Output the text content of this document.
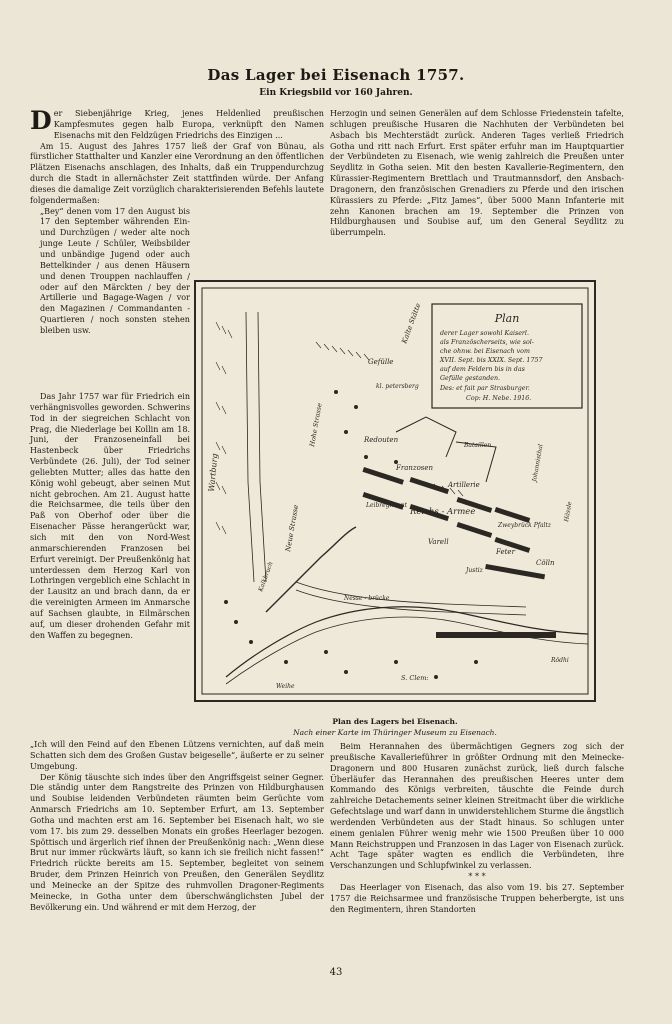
Das Lager bei Eisenach 1757.
Ein Kriegsbild vor 160 Jahren.

Der Siebenjährige Krieg, jenes Heldenlied preußischen Kampfesmutes gegen halb Europa, verknüpft den Namen Eisenachs mit den Feldzügen Friedrichs des Einzigen ...

Am 15. August des Jahres 1757 ließ der Graf von Bünau, als fürstlicher Statthalter und Kanzler eine Verordnung an den öffentlichen Plätzen Eisenachs anschlagen, des Inhalts, daß ein Truppendurchzug durch die Stadt in allernächster Zeit stattfinden würde. Der Anfang dieses die damalige Zeit vorzüglich charakterisierenden Befehls lautete folgendermaßen:

„Bey“ denen vom 17 den August bis 17 den September währenden Ein- und Durchzügen / weder alte noch junge Leute / Schüler, Weibsbilder und unbändige Jugend oder auch Bettelkinder / aus denen Häusern und denen Trouppen nachlauffen / oder auf den Märckten / bey der Artillerie und Bagage-Wagen / vor den Magazinen / Commandanten - Quartieren / noch sonsten stehen bleiben usw.

Das Jahr 1757 war für Friedrich ein verhängnisvolles geworden. Schwerins Tod in der siegreichen Schlacht von Prag, die Niederlage bei Kollin am 18. Juni, der Franzoseneinfall bei Hastenbeck über Friedrichs Verbündete (26. Juli), der Tod seiner geliebten Mutter; alles das hatte den König wohl gebeugt, aber seinen Mut nicht gebrochen. Am 21. August hatte die Reichsarmee, die teils über den Paß von Oberhof oder über die Eisenacher Pässe herangerückt war, sich mit den von Nord-West anmarschierenden Franzosen bei Erfurt vereinigt. Der Preußenkönig hat unterdessen dem Herzog Karl von Lothringen vergeblich eine Schlacht in der Lausitz an und brach dann, da er die vereinigten Armeen im Anmarsche auf Sachsen glaubte, in Eilmärschen auf, um dieser drohenden Gefahr mit den Waffen zu begegnen.

Herzogin und seinen Generälen auf dem Schlosse Friedenstein tafelte, schlugen preußische Husaren die Nachhuten der Verbündeten bei Asbach bis Mechterstädt zurück. Anderen Tages verließ Friedrich Gotha und ritt nach Erfurt. Erst später erfuhr man im Hauptquartier der Verbündeten zu Eisenach, wie wenig zahlreich die Preußen unter Seydlitz in Gotha seien. Mit den besten Kavallerie-Regimentern, den Kürassier-Regimentern Brettlach und Trautmannsdorf, den Ansbach-Dragonern, den französischen Grenadiers zu Pferde und den irischen Kürassiers zu Pferde: „Fitz James“, über 5000 Mann Infanterie mit zehn Kanonen brachen am 19. September die Prinzen von Hildburghausen und Soubise auf, um den General Seydlitz zu überrumpeln.

Plan
derer Lager sowohl Kaiserl.
als Französcherseits, wie sol-
che ohnw. bei Eisenach vom
XVII. Sept. bis XXIX. Sept. 1757
auf dem Feldern bis in das
Gefülle gestanden.
Des: et fait par Strasburger.
Cop: H. Nebe. 1916.
Wartburg
Hohe Strasse
Neue Strasse
Gefülle
Kalte Stätte
kl. petersberg
Redouten
Bataillon
Franzosen
Artillerie
Reichs - Armee
Johannisthal
Hässle
Zweybrück Pfaltz
Varell
Leibregiment
Feter
Cölln
Justiz
Nesse - brücke
Kalkbruch
S. Clem:
Weihe
Rödhi
Plan des Lagers bei Eisenach.
Nach einer Karte im Thüringer Museum zu Eisenach.

„Ich will den Feind auf den Ebenen Lützens vernichten, auf daß mein Schatten sich dem des Großen Gustav beigeselle“, äußerte er zu seiner Umgebung.

Der König täuschte sich indes über den Angriffsgeist seiner Gegner. Die ständig unter dem Rangstreite des Prinzen von Hildburghausen und Soubise leidenden Verbündeten räumten beim Gerüchte vom Anmarsch Friedrichs am 10. September Erfurt, am 13. September Gotha und machten erst am 16. September bei Eisenach halt, wo sie vom 17. bis zum 29. desselben Monats ein großes Heerlager bezogen. Spöttisch und ärgerlich rief ihnen der Preußenkönig nach: „Wenn diese Brut nur immer rückwärts läuft, so kann ich sie freilich nicht fassen!“ Friedrich rückte bereits am 15. September, begleitet von seinem Bruder, dem Prinzen Heinrich von Preußen, den Generälen Seydlitz und Meinecke an der Spitze des ruhmvollen Dragoner-Regiments Meinecke, in Gotha unter dem überschwänglichsten Jubel der Bevölkerung ein. Und während er mit dem Herzog, der

Beim Herannahen des übermächtigen Gegners zog sich der preußische Kavallerieführer in größter Ordnung mit den Meinecke-Dragonern und 800 Husaren zunächst zurück, ließ durch falsche Überläufer das Herannahen des preußischen Heeres unter dem Kommando des Königs verbreiten, täuschte die Feinde durch zahlreiche Detachements seiner kleinen Streitmacht über die wirkliche Gefechtslage und warf dann in unwiderstehlichem Sturme die ängstlich werdenden Verbündeten aus der Stadt hinaus. So schlugen unter einem genialen Führer wenig mehr wie 1500 Preußen über 10 000 Mann Reichstruppen und Franzosen in das Lager von Eisenach zurück. Acht Tage später wagten es endlich die Verbündeten, ihre Verschanzungen und Schlupfwinkel zu verlassen.

* * *

Das Heerlager von Eisenach, das also vom 19. bis 27. September 1757 die Reichsarmee und französische Truppen beherbergte, ist uns den Regimentern, ihren Standorten

43
